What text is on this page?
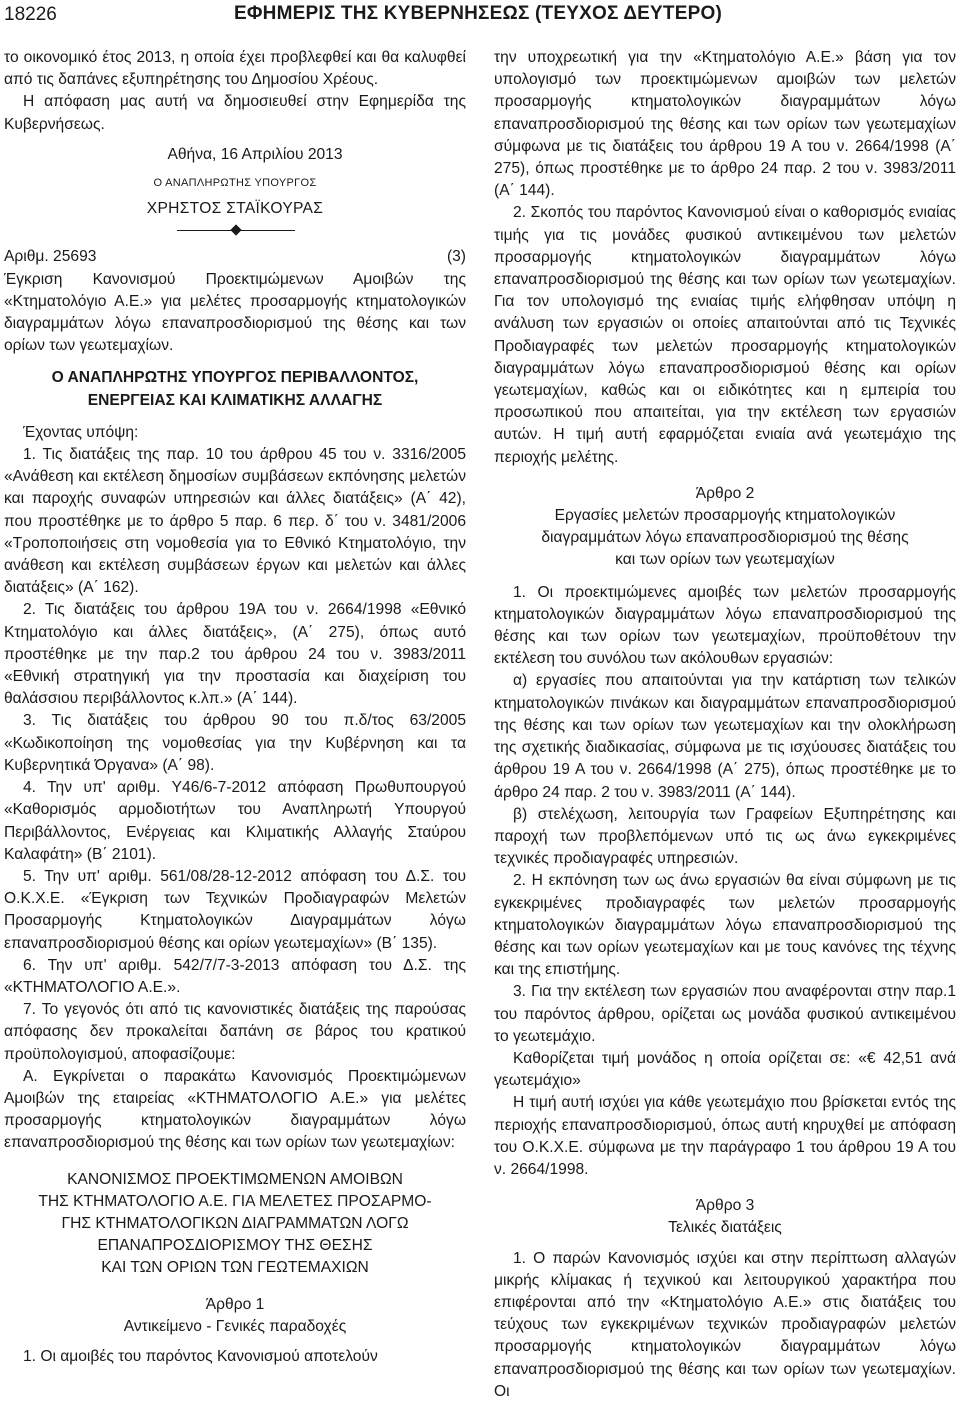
18226	ΕΦΗΜΕΡΙΣ ΤΗΣ ΚΥΒΕΡΝΗΣΕΩΣ (ΤΕΥΧΟΣ ΔΕΥΤΕΡΟ)

το οικονομικό έτος 2013, η οποία έχει προβλεφθεί και θα καλυφθεί από τις δαπάνες εξυπηρέτησης του Δημοσίου Χρέους.

Η απόφαση μας αυτή να δημοσιευθεί στην Εφημερίδα της Κυβερνήσεως.

Αθήνα, 16 Απριλίου 2013

Ο ΑΝΑΠΛΗΡΩΤΗΣ ΥΠΟΥΡΓΟΣ

ΧΡΗΣΤΟΣ ΣΤΑΪΚΟΥΡΑΣ

Αριθμ. 25693	(3)

Έγκριση Κανονισμού Προεκτιμώμενων Αμοιβών της «Κτηματολόγιο Α.Ε.» για μελέτες προσαρμογής κτηματολογικών διαγραμμάτων λόγω επαναπροσδιορισμού της θέσης και των ορίων των γεωτεμαχίων.

Ο ΑΝΑΠΛΗΡΩΤΗΣ ΥΠΟΥΡΓΟΣ ΠΕΡΙΒΑΛΛΟΝΤΟΣ,

ΕΝΕΡΓΕΙΑΣ ΚΑΙ ΚΛΙΜΑΤΙΚΗΣ ΑΛΛΑΓΗΣ

Έχοντας υπόψη:

1. Τις διατάξεις της παρ. 10 του άρθρου 45 του ν. 3316/2005 «Ανάθεση και εκτέλεση δημοσίων συμβάσεων εκπόνησης μελετών και παροχής συναφών υπηρεσιών και άλλες διατάξεις» (Α΄ 42), που προστέθηκε με το άρθρο 5 παρ. 6 περ. δ΄ του ν. 3481/2006 «Τροποποιήσεις στη νομοθεσία για το Εθνικό Κτηματολόγιο, την ανάθεση και εκτέλεση συμβάσεων έργων και μελετών και άλλες διατάξεις» (Α΄ 162).

2. Τις διατάξεις του άρθρου 19Α του ν. 2664/1998 «Εθνικό Κτηματολόγιο και άλλες διατάξεις», (Α΄ 275), όπως αυτό προστέθηκε με την παρ.2 του άρθρου 24 του ν. 3983/2011 «Εθνική στρατηγική για την προστασία και διαχείριση του θαλάσσιου περιβάλλοντος κ.λπ.» (Α΄ 144).

3. Τις διατάξεις του άρθρου 90 του π.δ/τος 63/2005 «Κωδικοποίηση της νομοθεσίας για την Κυβέρνηση και τα Κυβερνητικά Όργανα» (Α΄ 98).

4. Την υπ' αριθμ. Υ46/6-7-2012 απόφαση Πρωθυπουργού «Καθορισμός αρμοδιοτήτων του Αναπληρωτή Υπουργού Περιβάλλοντος, Ενέργειας και Κλιματικής Αλλαγής Σταύρου Καλαφάτη» (Β΄ 2101).

5. Την υπ' αριθμ. 561/08/28-12-2012 απόφαση του Δ.Σ. του Ο.Κ.Χ.Ε. «Έγκριση των Τεχνικών Προδιαγραφών Μελετών Προσαρμογής Κτηματολογικών Διαγραμμάτων λόγω επαναπροσδιορισμού θέσης και ορίων γεωτεμαχίων» (Β΄ 135).

6. Την υπ' αριθμ. 542/7/7-3-2013 απόφαση του Δ.Σ. της «ΚΤΗΜΑΤΟΛΟΓΙΟ Α.Ε.».

7. Το γεγονός ότι από τις κανονιστικές διατάξεις της παρούσας απόφασης δεν προκαλείται δαπάνη σε βάρος του κρατικού προϋπολογισμού, αποφασίζουμε:

Α. Εγκρίνεται ο παρακάτω Κανονισμός Προεκτιμώμενων Αμοιβών της εταιρείας «ΚΤΗΜΑΤΟΛΟΓΙΟ Α.Ε.» για μελέτες προσαρμογής κτηματολογικών διαγραμμάτων λόγω επαναπροσδιορισμού της θέσης και των ορίων των γεωτεμαχίων:

ΚΑΝΟΝΙΣΜΟΣ ΠΡΟΕΚΤΙΜΩΜΕΝΩΝ ΑΜΟΙΒΩΝ

ΤΗΣ ΚΤΗΜΑΤΟΛΟΓΙΟ Α.Ε. ΓΙΑ ΜΕΛΕΤΕΣ ΠΡΟΣΑΡΜΟ-

ΓΗΣ ΚΤΗΜΑΤΟΛΟΓΙΚΩΝ ΔΙΑΓΡΑΜΜΑΤΩΝ ΛΟΓΩ

ΕΠΑΝΑΠΡΟΣΔΙΟΡΙΣΜΟΥ ΤΗΣ ΘΕΣΗΣ

ΚΑΙ ΤΩΝ ΟΡΙΩΝ ΤΩΝ ΓΕΩΤΕΜΑΧΙΩΝ

Άρθρο 1

Αντικείμενο - Γενικές παραδοχές

1. Οι αμοιβές του παρόντος Κανονισμού αποτελούν

την υποχρεωτική για την «Κτηματολόγιο Α.Ε.» βάση για τον υπολογισμό των προεκτιμώμενων αμοιβών των μελετών προσαρμογής κτηματολογικών διαγραμμάτων λόγω επαναπροσδιορισμού της θέσης και των ορίων των γεωτεμαχίων σύμφωνα με τις διατάξεις του άρθρου 19 Α του ν. 2664/1998 (Α΄ 275), όπως προστέθηκε με το άρθρο 24 παρ. 2 του ν. 3983/2011 (Α΄ 144).

2. Σκοπός του παρόντος Κανονισμού είναι ο καθορισμός ενιαίας τιμής για τις μονάδες φυσικού αντικειμένου των μελετών προσαρμογής κτηματολογικών διαγραμμάτων λόγω επαναπροσδιορισμού της θέσης και των ορίων των γεωτεμαχίων. Για τον υπολογισμό της ενιαίας τιμής ελήφθησαν υπόψη η ανάλυση των εργασιών οι οποίες απαιτούνται από τις Τεχνικές Προδιαγραφές των μελετών προσαρμογής κτηματολογικών διαγραμμάτων λόγω επαναπροσδιορισμού θέσης και ορίων γεωτεμαχίων, καθώς και οι ειδικότητες και η εμπειρία του προσωπικού που απαιτείται, για την εκτέλεση των εργασιών αυτών. Η τιμή αυτή εφαρμόζεται ενιαία ανά γεωτεμάχιο της περιοχής μελέτης.

Άρθρο 2

Εργασίες μελετών προσαρμογής κτηματολογικών

διαγραμμάτων λόγω επαναπροσδιορισμού της θέσης

και των ορίων των γεωτεμαχίων

1. Οι προεκτιμώμενες αμοιβές των μελετών προσαρμογής κτηματολογικών διαγραμμάτων λόγω επαναπροσδιορισμού της θέσης και των ορίων των γεωτεμαχίων, προϋποθέτουν την εκτέλεση του συνόλου των ακόλουθων εργασιών:

α) εργασίες που απαιτούνται για την κατάρτιση των τελικών κτηματολογικών πινάκων και διαγραμμάτων επαναπροσδιορισμού της θέσης και των ορίων των γεωτεμαχίων και την ολοκλήρωση της σχετικής διαδικασίας, σύμφωνα με τις ισχύουσες διατάξεις του άρθρου 19 Α του ν. 2664/1998 (Α΄ 275), όπως προστέθηκε με το άρθρο 24 παρ. 2 του ν. 3983/2011 (Α΄ 144).

β) στελέχωση, λειτουργία των Γραφείων Εξυπηρέτησης και παροχή των προβλεπόμενων υπό τις ως άνω εγκεκριμένες τεχνικές προδιαγραφές υπηρεσιών.

2. Η εκπόνηση των ως άνω εργασιών θα είναι σύμφωνη με τις εγκεκριμένες προδιαγραφές των μελετών προσαρμογής κτηματολογικών διαγραμμάτων λόγω επαναπροσδιορισμού της θέσης και των ορίων γεωτεμαχίων και με τους κανόνες της τέχνης και της επιστήμης.

3. Για την εκτέλεση των εργασιών που αναφέρονται στην παρ.1 του παρόντος άρθρου, ορίζεται ως μονάδα φυσικού αντικειμένου το γεωτεμάχιο.

Καθορίζεται τιμή μονάδος η οποία ορίζεται σε: «€ 42,51 ανά γεωτεμάχιο»

Η τιμή αυτή ισχύει για κάθε γεωτεμάχιο που βρίσκεται εντός της περιοχής επαναπροσδιορισμού, όπως αυτή κηρυχθεί με απόφαση του Ο.Κ.Χ.Ε. σύμφωνα με την παράγραφο 1 του άρθρου 19 Α του ν. 2664/1998.

Άρθρο 3

Τελικές διατάξεις

1. Ο παρών Κανονισμός ισχύει και στην περίπτωση αλλαγών μικρής κλίμακας ή τεχνικού και λειτουργικού χαρακτήρα που επιφέρονται από την «Κτηματολόγιο Α.Ε.» στις διατάξεις του τεύχους των εγκεκριμένων τεχνικών προδιαγραφών μελετών προσαρμογής κτηματολογικών διαγραμμάτων λόγω επαναπροσδιορισμού της θέσης και των ορίων των γεωτεμαχίων. Οι
